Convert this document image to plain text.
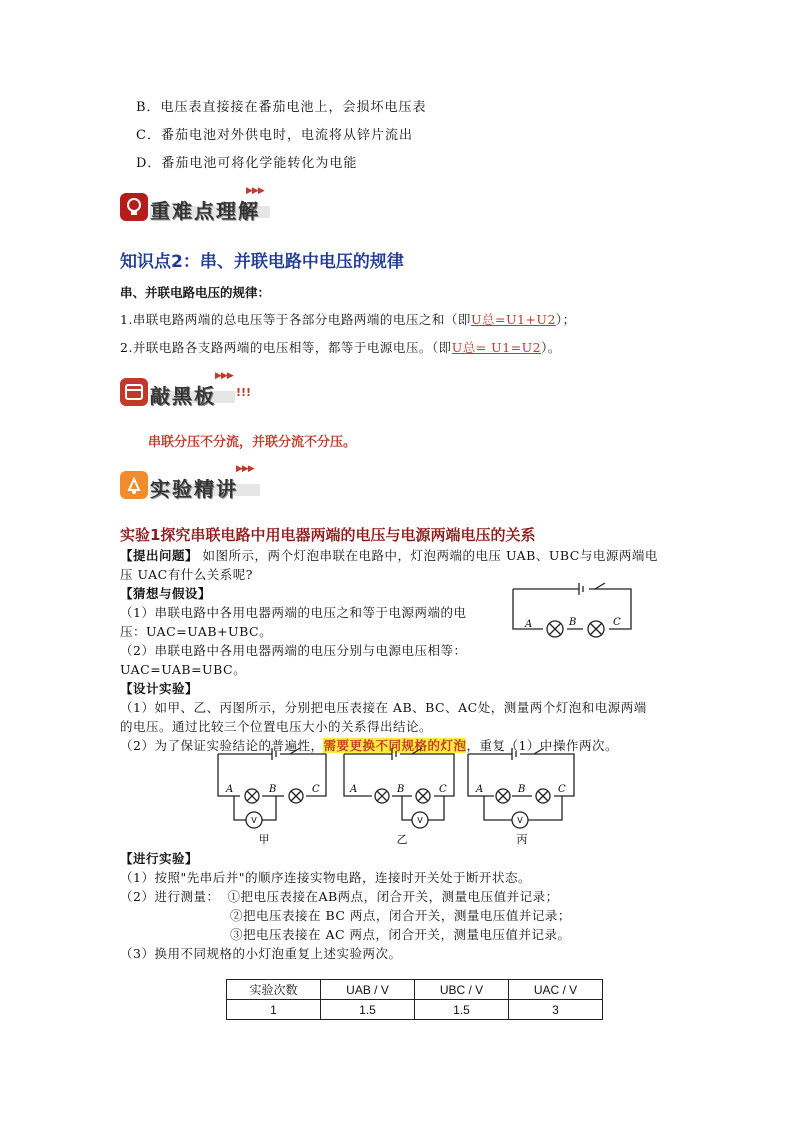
B．电压表直接接在番茄电池上，会损坏电压表
C．番茄电池对外供电时，电流将从锌片流出
D．番茄电池可将化学能转化为电能
重难点理解
▶▶▶
知识点2：串、并联电路中电压的规律
串、并联电路电压的规律：
1.串联电路两端的总电压等于各部分电路两端的电压之和（即U总=U1+U2）；
2.并联电路各支路两端的电压相等，都等于电源电压。（即U总= U1=U2）。
敲黑板 !!!
▶▶▶
串联分压不分流，并联分流不分压。
实验精讲
▶▶▶
实验1探究串联电路中用电器两端的电压与电源两端电压的关系
【提出问题】 如图所示，两个灯泡串联在电路中，灯泡两端的电压 UAB、UBC与电源两端电
压 UAC有什么关系呢?
【猜想与假设】
（1）串联电路中各用电器两端的电压之和等于电源两端的电
压：UAC=UAB+UBC。
（2）串联电路中各用电器两端的电压分别与电源电压相等：
UAC=UAB=UBC。
【设计实验】
（1）如甲、乙、丙图所示，分别把电压表接在 AB、BC、AC处，测量两个灯泡和电源两端
的电压。通过比较三个位置电压大小的关系得出结论。
（2）为了保证实验结论的普遍性，需要更换不同规格的灯泡，重复（1）中操作两次。
A	B	C
A	B	C	A	B	C	A	B	C
V	V	V
甲	乙	丙
【进行实验】
（1）按照"先串后并"的顺序连接实物电路，连接时开关处于断开状态。
（2）进行测量： ①把电压表接在AB两点，闭合开关，测量电压值并记录；
②把电压表接在 BC 两点，闭合开关，测量电压值并记录；
③把电压表接在 AC 两点，闭合开关，测量电压值并记录。
（3）换用不同规格的小灯泡重复上述实验两次。
实验次数	UAB / V	UBC / V	UAC / V
1	1.5	1.5	3
